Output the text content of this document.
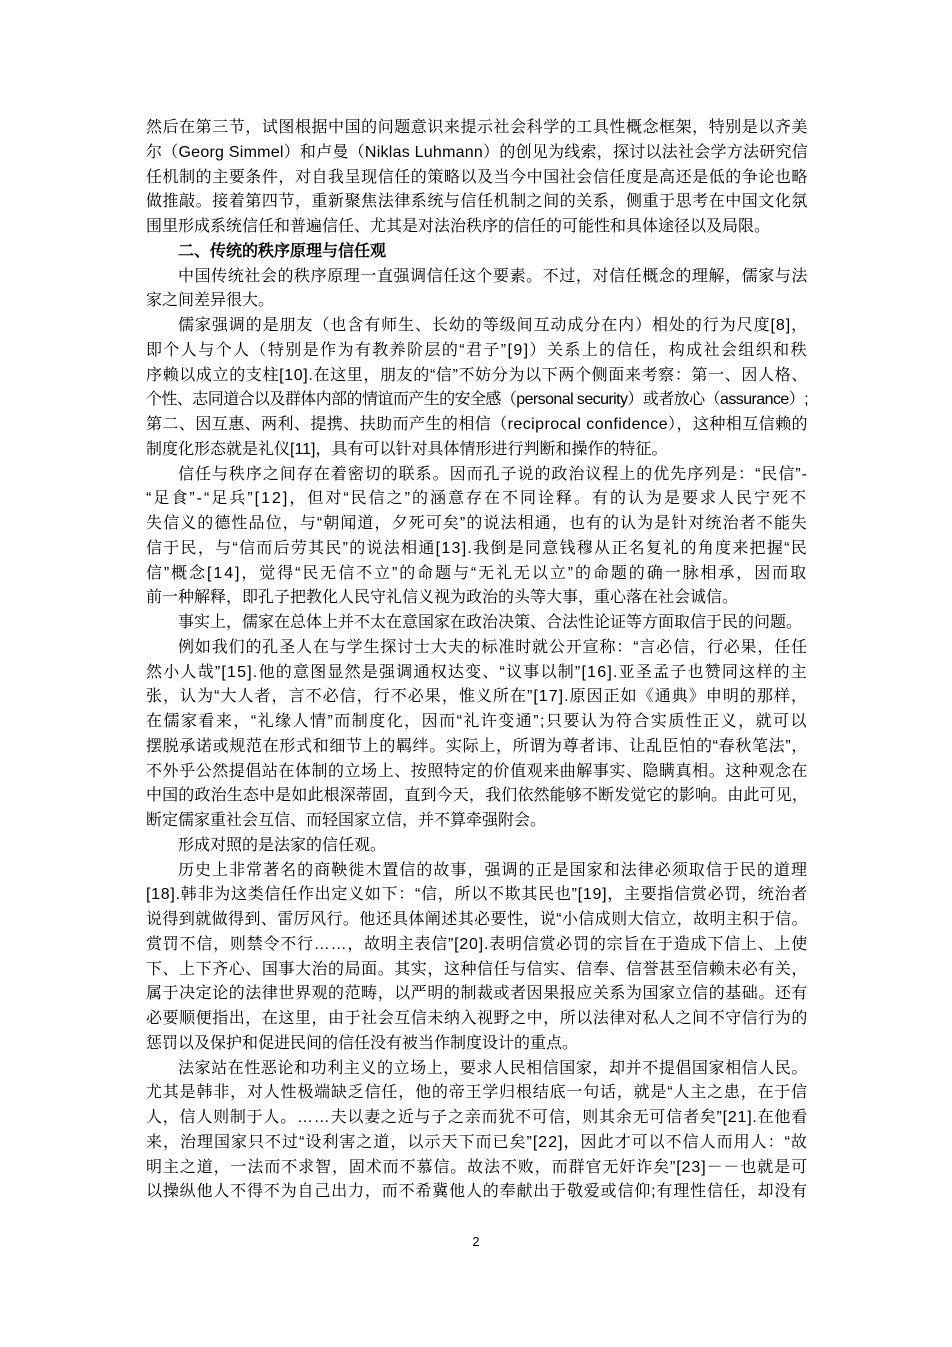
然后在第三节，试图根据中国的问题意识来提示社会科学的工具性概念框架，特别是以齐美
尔（Georg Simmel）和卢曼（Niklas Luhmann）的创见为线索，探讨以法社会学方法研究信
任机制的主要条件，对自我呈现信任的策略以及当今中国社会信任度是高还是低的争论也略
做推敲。接着第四节，重新聚焦法律系统与信任机制之间的关系，侧重于思考在中国文化氛
围里形成系统信任和普遍信任、尤其是对法治秩序的信任的可能性和具体途径以及局限。
二、传统的秩序原理与信任观
中国传统社会的秩序原理一直强调信任这个要素。不过，对信任概念的理解，儒家与法
家之间差异很大。
儒家强调的是朋友（也含有师生、长幼的等级间互动成分在内）相处的行为尺度[8]，
即个人与个人（特别是作为有教养阶层的“君子”[9]）关系上的信任，构成社会组织和秩
序赖以成立的支柱[10].在这里，朋友的“信”不妨分为以下两个侧面来考察：第一、因人格、
个性、志同道合以及群体内部的情谊而产生的安全感（personal security）或者放心（assurance）;
第二、因互惠、两利、提携、扶助而产生的相信（reciprocal confidence），这种相互信赖的
制度化形态就是礼仪[11]，具有可以针对具体情形进行判断和操作的特征。
信任与秩序之间存在着密切的联系。因而孔子说的政治议程上的优先序列是：“民信”-
“足食”-“足兵”[12]，但对“民信之”的涵意存在不同诠释。有的认为是要求人民宁死不
失信义的德性品位，与“朝闻道，夕死可矣”的说法相通，也有的认为是针对统治者不能失
信于民，与“信而后劳其民”的说法相通[13].我倒是同意钱穆从正名复礼的角度来把握“民
信”概念[14]，觉得“民无信不立”的命题与“无礼无以立”的命题的确一脉相承，因而取
前一种解释，即孔子把教化人民守礼信义视为政治的头等大事，重心落在社会诚信。
事实上，儒家在总体上并不太在意国家在政治决策、合法性论证等方面取信于民的问题。
例如我们的孔圣人在与学生探讨士大夫的标准时就公开宣称：“言必信，行必果，任任
然小人哉”[15].他的意图显然是强调通权达变、“议事以制”[16].亚圣孟子也赞同这样的主
张，认为“大人者，言不必信，行不必果，惟义所在”[17].原因正如《通典》申明的那样，
在儒家看来，“礼缘人情”而制度化，因而“礼许变通”;只要认为符合实质性正义，就可以
摆脱承诺或规范在形式和细节上的羁绊。实际上，所谓为尊者讳、让乱臣怕的“春秋笔法”，
不外乎公然提倡站在体制的立场上、按照特定的价值观来曲解事实、隐瞒真相。这种观念在
中国的政治生态中是如此根深蒂固，直到今天，我们依然能够不断发觉它的影响。由此可见，
断定儒家重社会互信、而轻国家立信，并不算牵强附会。
形成对照的是法家的信任观。
历史上非常著名的商鞅徙木置信的故事，强调的正是国家和法律必须取信于民的道理
[18].韩非为这类信任作出定义如下：“信，所以不欺其民也”[19]，主要指信赏必罚，统治者
说得到就做得到、雷厉风行。他还具体阐述其必要性，说“小信成则大信立，故明主积于信。
赏罚不信，则禁令不行……，故明主表信”[20].表明信赏必罚的宗旨在于造成下信上、上使
下、上下齐心、国事大治的局面。其实，这种信任与信实、信奉、信誉甚至信赖未必有关，
属于决定论的法律世界观的范畴，以严明的制裁或者因果报应关系为国家立信的基础。还有
必要顺便指出，在这里，由于社会互信未纳入视野之中，所以法律对私人之间不守信行为的
惩罚以及保护和促进民间的信任没有被当作制度设计的重点。
法家站在性恶论和功利主义的立场上，要求人民相信国家，却并不提倡国家相信人民。
尤其是韩非，对人性极端缺乏信任，他的帝王学归根结底一句话，就是“人主之患，在于信
人，信人则制于人。……夫以妻之近与子之亲而犹不可信，则其余无可信者矣”[21].在他看
来，治理国家只不过“设利害之道，以示天下而已矣”[22]，因此才可以不信人而用人：“故
明主之道，一法而不求智，固术而不慕信。故法不败，而群官无奸诈矣”[23]－－也就是可
以操纵他人不得不为自己出力，而不希冀他人的奉献出于敬爱或信仰;有理性信任，却没有
2
